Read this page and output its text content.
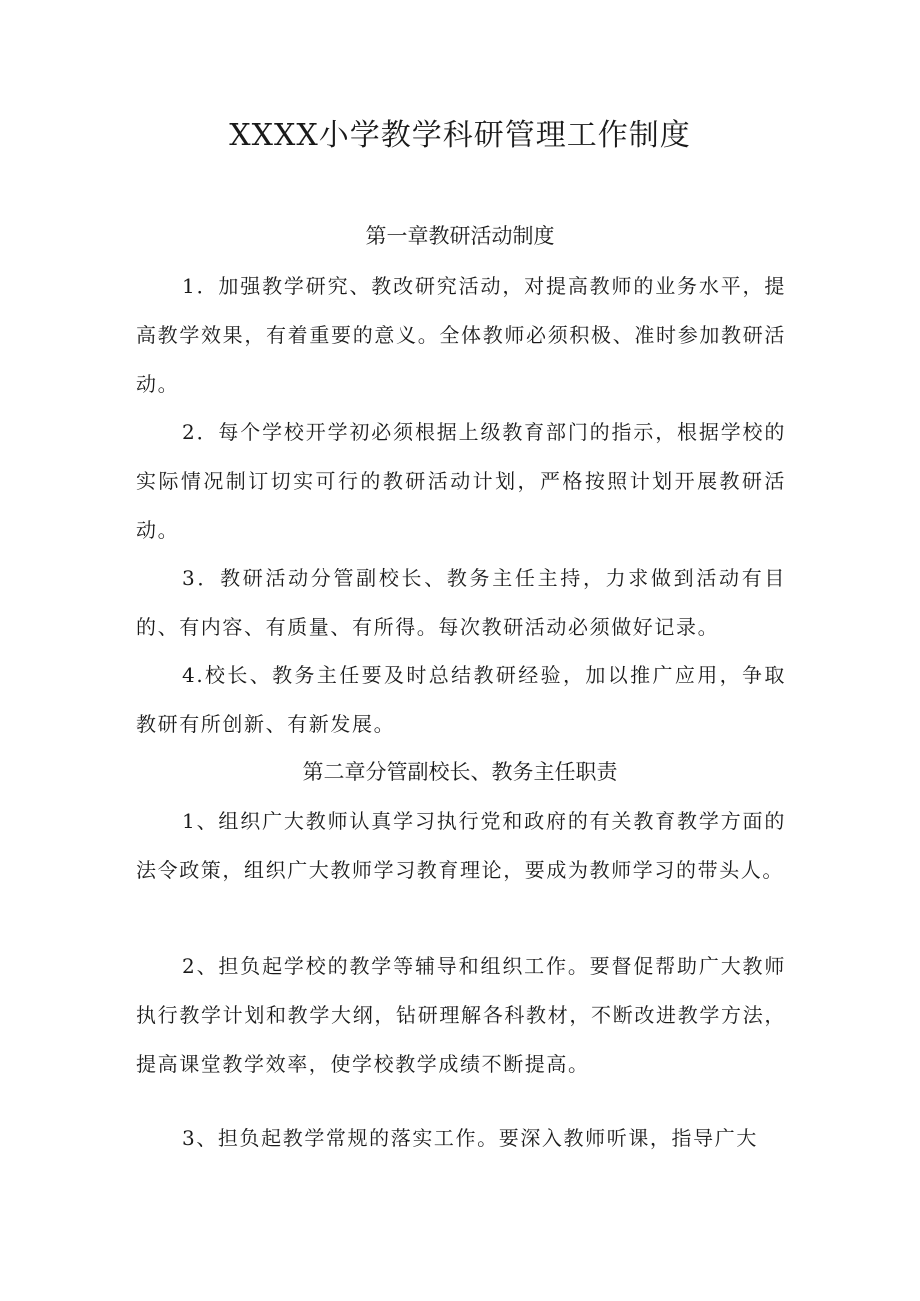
XXXX小学教学科研管理工作制度
第一章教研活动制度
1．加强教学研究、教改研究活动，对提高教师的业务水平，提高教学效果，有着重要的意义。全体教师必须积极、准时参加教研活动。
2．每个学校开学初必须根据上级教育部门的指示，根据学校的实际情况制订切实可行的教研活动计划，严格按照计划开展教研活动。
3．教研活动分管副校长、教务主任主持，力求做到活动有目的、有内容、有质量、有所得。每次教研活动必须做好记录。
4.校长、教务主任要及时总结教研经验，加以推广应用，争取教研有所创新、有新发展。
第二章分管副校长、教务主任职责
1、组织广大教师认真学习执行党和政府的有关教育教学方面的法令政策，组织广大教师学习教育理论，要成为教师学习的带头人。
2、担负起学校的教学等辅导和组织工作。要督促帮助广大教师执行教学计划和教学大纲，钻研理解各科教材，不断改进教学方法，提高课堂教学效率，使学校教学成绩不断提高。
3、担负起教学常规的落实工作。要深入教师听课，指导广大
